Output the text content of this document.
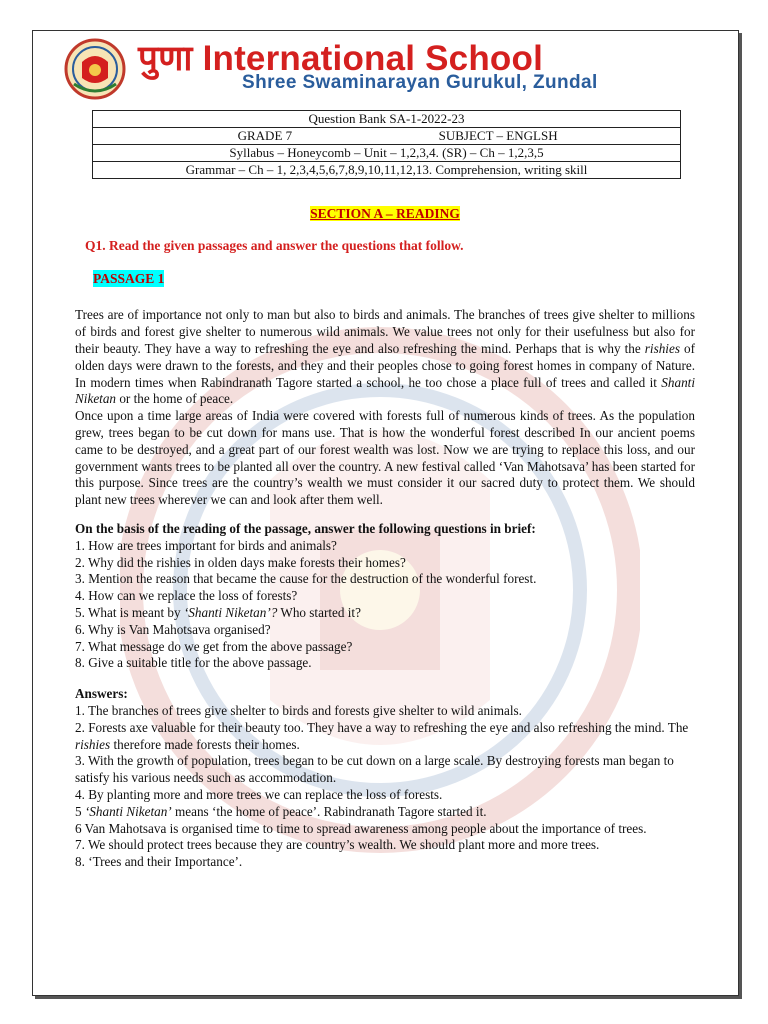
पुणा International School
Shree Swaminarayan Gurukul, Zundal
Question Bank SA-1-2022-23
GRADE 7	SUBJECT – ENGLSH
Syllabus – Honeycomb – Unit – 1,2,3,4. (SR) – Ch – 1,2,3,5
Grammar – Ch – 1, 2,3,4,5,6,7,8,9,10,11,12,13. Comprehension, writing skill

SECTION A – READING

Q1. Read the given passages and answer the questions that follow.
PASSAGE 1

Trees are of importance not only to man but also to birds and animals. The branches of trees give shelter to millions of birds and forest give shelter to numerous wild animals. We value trees not only for their usefulness but also for their beauty. They have a way to refreshing the eye and also refreshing the mind. Perhaps that is why the rishies of olden days were drawn to the forests, and they and their peoples chose to going forest homes in company of Nature. In modern times when Rabindranath Tagore started a school, he too chose a place full of trees and called it Shanti Niketan or the home of peace.

Once upon a time large areas of India were covered with forests full of numerous kinds of trees. As the population grew, trees began to be cut down for mans use. That is how the wonderful forest described In our ancient poems came to be destroyed, and a great part of our forest wealth was lost. Now we are trying to replace this loss, and our government wants trees to be planted all over the country. A new festival called ‘Van Mahotsava’ has been started for this purpose. Since trees are the country’s wealth we must consider it our sacred duty to protect them. We should plant new trees wherever we can and look after them well.

On the basis of the reading of the passage, answer the following questions in brief:
1. How are trees important for birds and animals?
2. Why did the rishies in olden days make forests their homes?
3. Mention the reason that became the cause for the destruction of the wonderful forest.
4. How can we replace the loss of forests?
5. What is meant by ‘Shanti Niketan’? Who started it?
6. Why is Van Mahotsava organised?
7. What message do we get from the above passage?
8. Give a suitable title for the above passage.
Answers:
1. The branches of trees give shelter to birds and forests give shelter to wild animals.
2. Forests axe valuable for their beauty too. They have a way to refreshing the eye and also refreshing the mind. The rishies therefore made forests their homes.
3. With the growth of population, trees began to be cut down on a large scale. By destroying forests man began to satisfy his various needs such as accommodation.
4. By planting more and more trees we can replace the loss of forests.
5 ‘Shanti Niketan’ means ‘the home of peace’. Rabindranath Tagore started it.
6 Van Mahotsava is organised time to time to spread awareness among people about the importance of trees.
7. We should protect trees because they are country’s wealth. We should plant more and more trees.
8. ‘Trees and their Importance’.
